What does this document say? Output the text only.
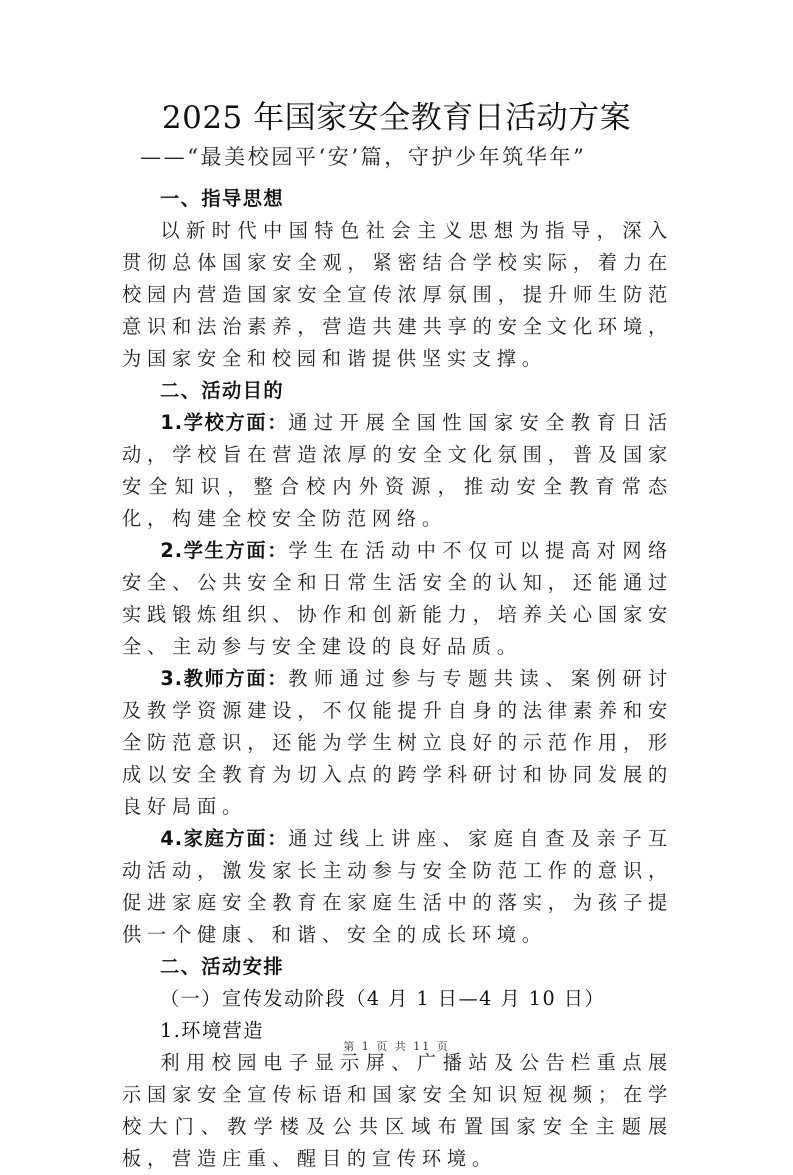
2025 年国家安全教育日活动方案
——“最美校园平‘安’篇，守护少年筑华年”

一、指导思想

以新时代中国特色社会主义思想为指导，深入贯彻总体国家安全观，紧密结合学校实际，着力在校园内营造国家安全宣传浓厚氛围，提升师生防范意识和法治素养，营造共建共享的安全文化环境，为国家安全和校园和谐提供坚实支撑。

二、活动目的

1.学校方面：通过开展全国性国家安全教育日活动，学校旨在营造浓厚的安全文化氛围，普及国家安全知识，整合校内外资源，推动安全教育常态化，构建全校安全防范网络。

2.学生方面：学生在活动中不仅可以提高对网络安全、公共安全和日常生活安全的认知，还能通过实践锻炼组织、协作和创新能力，培养关心国家安全、主动参与安全建设的良好品质。

3.教师方面：教师通过参与专题共读、案例研讨及教学资源建设，不仅能提升自身的法律素养和安全防范意识，还能为学生树立良好的示范作用，形成以安全教育为切入点的跨学科研讨和协同发展的良好局面。

4.家庭方面：通过线上讲座、家庭自查及亲子互动活动，激发家长主动参与安全防范工作的意识，促进家庭安全教育在家庭生活中的落实，为孩子提供一个健康、和谐、安全的成长环境。

二、活动安排

（一）宣传发动阶段（4 月 1 日—4 月 10 日）

1.环境营造

利用校园电子显示屏、广播站及公告栏重点展示国家安全宣传标语和国家安全知识短视频；在学校大门、教学楼及公共区域布置国家安全主题展板，营造庄重、醒目的宣传环境。

第 1 页 共 11 页
